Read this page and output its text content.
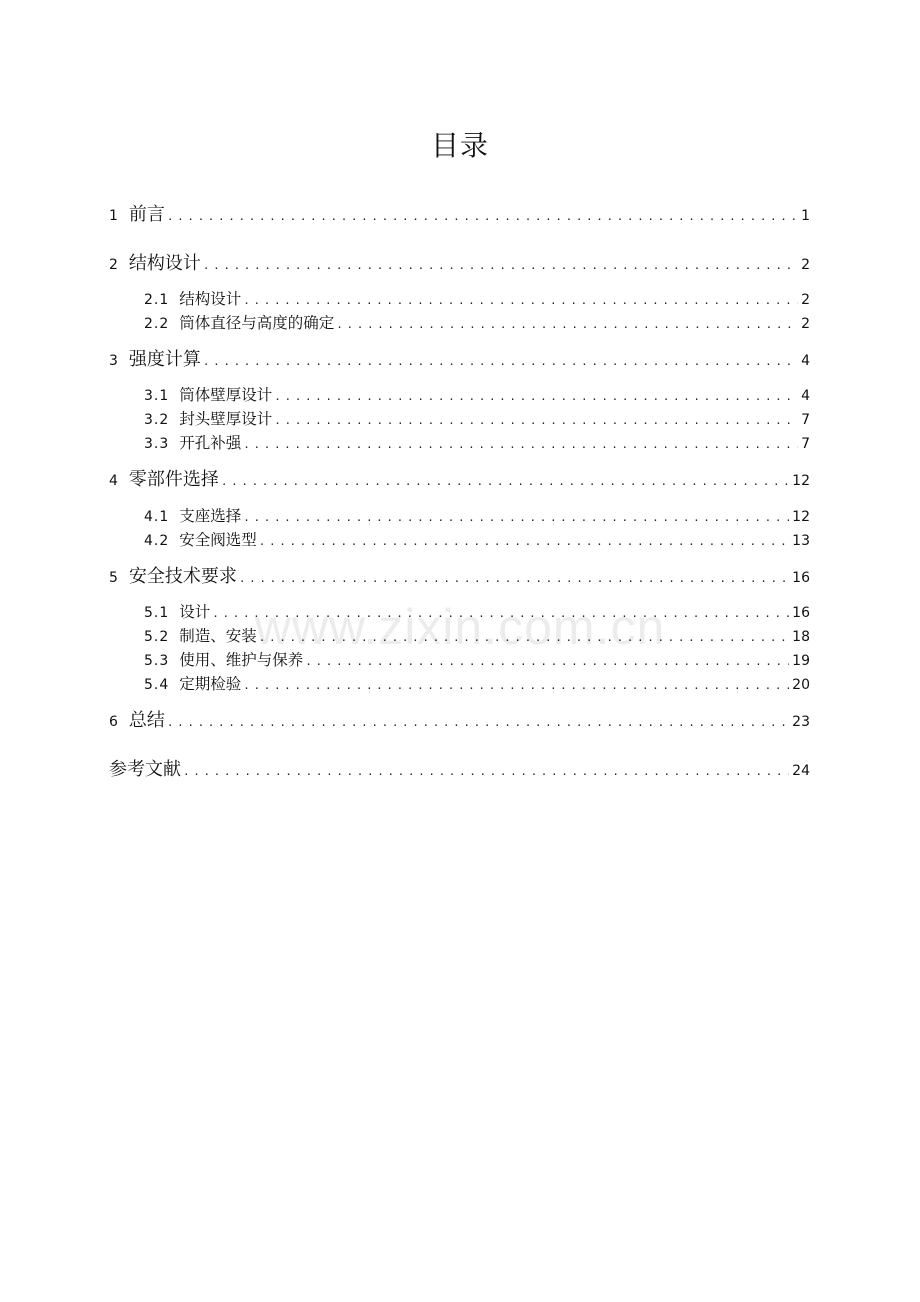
目录
www.zixin.com.cn
1 前言 .....	1
2 结构设计 .....	2
2.1 结构设计 .....	2
2.2 筒体直径与高度的确定 .....	2
3 强度计算 .....	4
3.1 筒体壁厚设计 .....	4
3.2 封头壁厚设计 .....	7
3.3 开孔补强 .....	7
4 零部件选择 .....	12
4.1 支座选择 .....	12
4.2 安全阀选型 .....	13
5 安全技术要求 .....	16
5.1 设计 .....	16
5.2 制造、安装 .....	18
5.3 使用、维护与保养 .....	19
5.4 定期检验 .....	20
6 总结 .....	23
参考文献 .....	24
